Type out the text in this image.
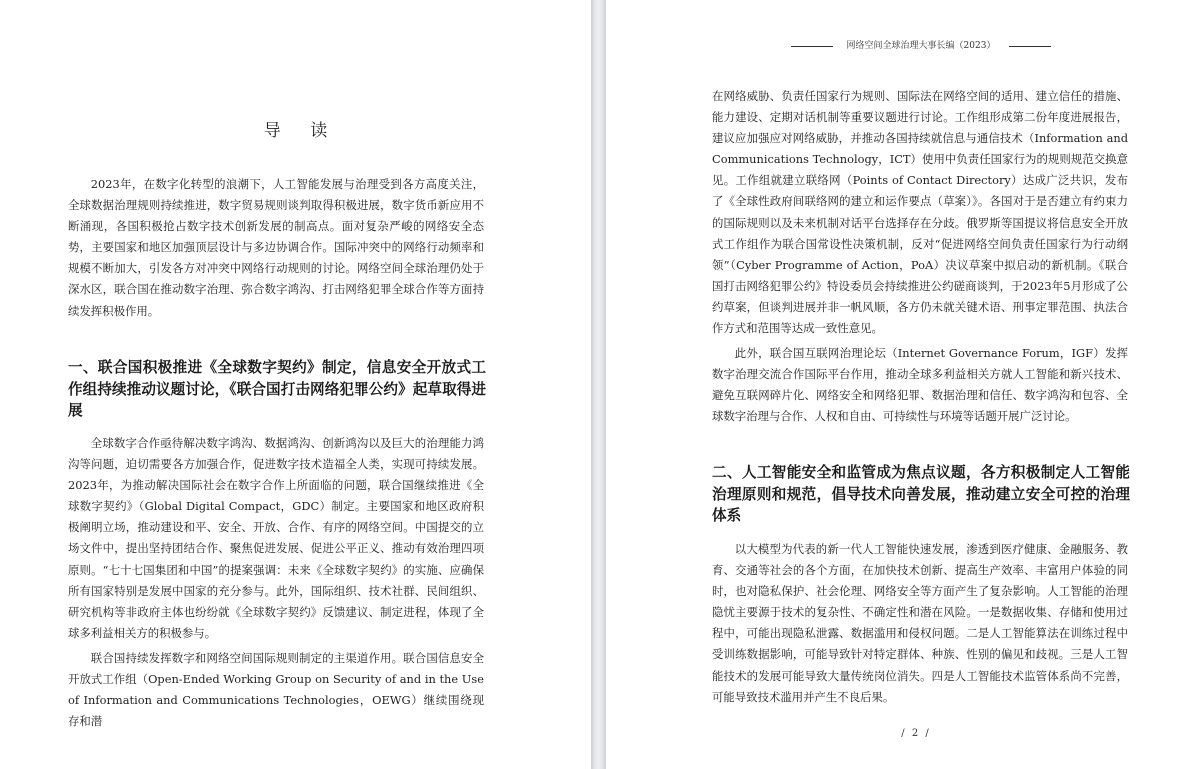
导 读

2023年，在数字化转型的浪潮下，人工智能发展与治理受到各方高度关注，全球数据治理规则持续推进，数字贸易规则谈判取得积极进展，数字货币新应用不断涌现，各国积极抢占数字技术创新发展的制高点。面对复杂严峻的网络安全态势，主要国家和地区加强顶层设计与多边协调合作。国际冲突中的网络行动频率和规模不断加大，引发各方对冲突中网络行动规则的讨论。网络空间全球治理仍处于深水区，联合国在推动数字治理、弥合数字鸿沟、打击网络犯罪全球合作等方面持续发挥积极作用。

一、联合国积极推进《全球数字契约》制定，信息安全开放式工作组持续推动议题讨论，《联合国打击网络犯罪公约》起草取得进展

全球数字合作亟待解决数字鸿沟、数据鸿沟、创新鸿沟以及巨大的治理能力鸿沟等问题，迫切需要各方加强合作，促进数字技术造福全人类，实现可持续发展。2023年，为推动解决国际社会在数字合作上所面临的问题，联合国继续推进《全球数字契约》（Global Digital Compact，GDC）制定。主要国家和地区政府积极阐明立场，推动建设和平、安全、开放、合作、有序的网络空间。中国提交的立场文件中，提出坚持团结合作、聚焦促进发展、促进公平正义、推动有效治理四项原则。“七十七国集团和中国”的提案强调：未来《全球数字契约》的实施、应确保所有国家特别是发展中国家的充分参与。此外，国际组织、技术社群、民间组织、研究机构等非政府主体也纷纷就《全球数字契约》反馈建议、制定进程，体现了全球多利益相关方的积极参与。

联合国持续发挥数字和网络空间国际规则制定的主渠道作用。联合国信息安全开放式工作组（Open-Ended Working Group on Security of and in the Use of Information and Communications Technologies，OEWG）继续围绕现存和潜

网络空间全球治理大事长编（2023）

在网络威胁、负责任国家行为规则、国际法在网络空间的适用、建立信任的措施、能力建设、定期对话机制等重要议题进行讨论。工作组形成第二份年度进展报告，建议应加强应对网络威胁，并推动各国持续就信息与通信技术（Information and Communications Technology，ICT）使用中负责任国家行为的规则规范交换意见。工作组就建立联络网（Points of Contact Directory）达成广泛共识，发布了《全球性政府间联络网的建立和运作要点（草案）》。各国对于是否建立有约束力的国际规则以及未来机制对话平台选择存在分歧。俄罗斯等国提议将信息安全开放式工作组作为联合国常设性决策机制，反对“促进网络空间负责任国家行为行动纲领”（Cyber Programme of Action，PoA）决议草案中拟启动的新机制。《联合国打击网络犯罪公约》特设委员会持续推进公约磋商谈判，于2023年5月形成了公约草案，但谈判进展并非一帆风顺，各方仍未就关键术语、刑事定罪范围、执法合作方式和范围等达成一致性意见。

此外，联合国互联网治理论坛（Internet Governance Forum，IGF）发挥数字治理交流合作国际平台作用，推动全球多利益相关方就人工智能和新兴技术、避免互联网碎片化、网络安全和网络犯罪、数据治理和信任、数字鸿沟和包容、全球数字治理与合作、人权和自由、可持续性与环境等话题开展广泛讨论。

二、人工智能安全和监管成为焦点议题，各方积极制定人工智能治理原则和规范，倡导技术向善发展，推动建立安全可控的治理体系

以大模型为代表的新一代人工智能快速发展，渗透到医疗健康、金融服务、教育、交通等社会的各个方面，在加快技术创新、提高生产效率、丰富用户体验的同时，也对隐私保护、社会伦理、网络安全等方面产生了复杂影响。人工智能的治理隐忧主要源于技术的复杂性、不确定性和潜在风险。一是数据收集、存储和使用过程中，可能出现隐私泄露、数据滥用和侵权问题。二是人工智能算法在训练过程中受训练数据影响，可能导致针对特定群体、种族、性别的偏见和歧视。三是人工智能技术的发展可能导致大量传统岗位消失。四是人工智能技术监管体系尚不完善，可能导致技术滥用并产生不良后果。

/ 2 /
